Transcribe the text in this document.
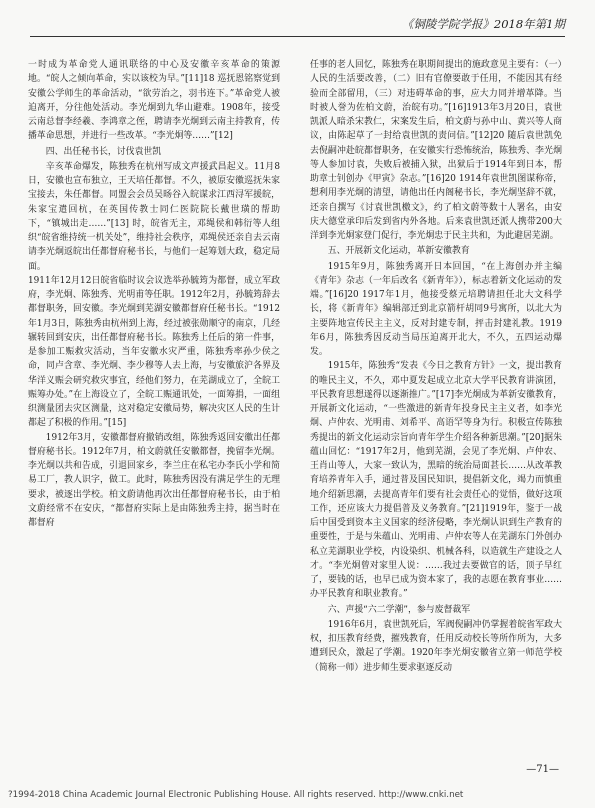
《铜陵学院学报》2018年第1期

一时成为革命党人通讯联络的中心及安徽辛亥革命的策源地。“皖人之倾向革命，实以该校为早。”[11]18 巡抚恩铭察觉到安徽公学师生的革命活动，“欲劳治之，羽书连下。”革命党人被迫离开，分往他处活动。李光炯到九华山避难。1908年，接受云南总督李经羲、李鸿章之侄，聘请李光炯到云南主持教育，传播革命思想，并进行一些改革。“李光炯等……”[12]

四、出任秘书长，讨伐袁世凯

辛亥革命爆发，陈独秀在杭州写成文声援武昌起义。11月8日，安徽也宣布独立，王天培任都督。不久，被原安徽巡抚朱家宝接去，朱任都督。同盟会会员吴旸谷入皖谋求江西浔军援皖，朱家宝遣回杭，在英国传教士同仁医院院长戴世璜的帮助下，“镇城出走……”[13] 时，皖省无主，邓绳侯和韩衍等人组织“皖省维持统一机关处”，维持社会秩序，邓绳侯还亲自去云南请李光炯返皖出任都督府秘书长，与他们一起筹划大政，稳定局面。

1911年12月12日皖省临时议会议选举孙毓筠为都督，成立军政府，李光炯、陈独秀、光明甫等任职。1912年2月，孙毓筠辞去都督职务，回安徽。李光炯到芜湖安徽都督府任秘书长。“1912年1月3日，陈独秀由杭州到上海，经过被张勋顺守的南京，几经辗转回到安庆，出任都督府秘书长。陈独秀上任后的第一件事，是参加工赈救灾活动，当年安徽水灾严重，陈独秀率孙少侯之命，同卢含章、李光炯、李少穆等人去上海，与安徽旅沪各界及华洋义赈会研究救灾事宜，经他们努力，在芜湖成立了，全皖工赈筹办处。”在上海设立了，全皖工赈通讯处，一面筹捐，一面组织测量团去灾区测量，这对稳定安徽局势，解决灾区人民的生计都起了积极的作用。”[15]

1912年3月，安徽都督府撤销改组，陈独秀返回安徽出任都督府秘书长。1912年7月，柏文蔚就任安徽都督，挽留李光炯。李光炯以共和告成，引退回家乡，李兰庄在私宅办李氏小学和简易工厂，教人识字，做工。此时，陈独秀因没有满足学生的无理要求，被逐出学校。柏文蔚请他再次出任都督府秘书长，由于柏文蔚经常不在安庆，“都督府实际上是由陈独秀主持，据当时在都督府

任事的老人回忆，陈独秀在职期间提出的施政意见主要有：（一）人民的生活要改善，（二）旧有官僚要敢于任用，不能因其有经验而全部留用，（三）对违碍革命的事，应大力同并增革降。当时被人誉为佐柏文蔚，治皖有功。”[16]1913年3月20日，袁世凯派人暗杀宋教仁，宋案发生后，柏文蔚与孙中山、黄兴等人商议，由陈起草了一封给袁世凯的责问信。”[12]20 随后袁世凯免去倪嗣冲赴皖都督职务，在安徽实行恐怖统治，陈独秀、李光炯等人参加讨袁，失败后被捕入狱，出狱后于1914年到日本，帮助章士钊创办《甲寅》杂志。”[16]20 1914年袁世凯图谋称帝，想利用李光炯的清望，请他出任内阁秘书长，李光炯坚辞不就，还亲自撰写《讨袁世凯檄文》，约了柏文蔚等数十人署名，由安庆大德堂承印后发到省内外各地。后来袁世凯还派人携带200大洋到李光炯家登门促行，李光炯忠于民主共和，为此避居芜湖。

五、开展新文化运动，革新安徽教育

1915年9月，陈独秀离开日本回国，“在上海创办并主编《青年》杂志（一年后改名《新青年》），标志着新文化运动的发端。”[16]20 1917年1月，他接受蔡元培聘请担任北大文科学长，将《新青年》编辑部迁到北京箭杆胡同9号寓所，以北大为主要阵地宣传民主主义，反对封建专制，抨击封建礼教。1919年6月，陈独秀因反动当局压迫离开北大，不久，五四运动爆发。

1915年，陈独秀“发表《今日之教育方针》一文，提出教育的唯民主义，不久，邓中夏发起成立北京大学平民教育讲演团，平民教育思想遂得以逐渐推广。”[17]李光炯成为革新安徽教育，开展新文化运动，“一些激进的新青年投身民主主义者，如李光炯、卢仲农、光明甫、刘希平、高语罕等身为行。积极宣传陈独秀提出的新文化运动宗旨向青年学生介绍各种新思潮。”[20]据朱蕴山回忆：“1917年2月，他到芜湖，会见了李光炯、卢仲农、王肖山等人，大家一致认为，黑暗的统治局面甚长……从改革教育培养青年入手，通过普及国民知识，提倡新文化，竭力而慎重地介绍新思潮，去提高青年们要有社会责任心的觉悟，做好这项工作，还应该大力提倡普及义务教育。”[21]1919年，鉴于一战后中国受到资本主义国家的经济侵略，李光炯认识到生产教育的重要性，于是与朱蕴山、光明甫、卢仲农等人在芜湖东门外创办私立芜湖职业学校，内设染织、机械各科，以造就生产建设之人才。“李光炯曾对家里人说：……我过去要做官的话，顶子早红了，要钱的话，也早已成为资本家了，我的志愿在教育事业……办平民教育和职业教育。”

六、声援“六二学潮”，参与废督裁军

1916年6月，袁世凯死后，军阀倪嗣冲仍掌握着皖省军政大权，扣压教育经费，摧残教育，任用反动校长等所作所为，大多遭到民众，激起了学潮。1920年李光炯安徽省立第一师范学校（简称一师）进步师生要求驱逐反动

—71—
?1994-2018 China Academic Journal Electronic Publishing House. All rights reserved. http://www.cnki.net
